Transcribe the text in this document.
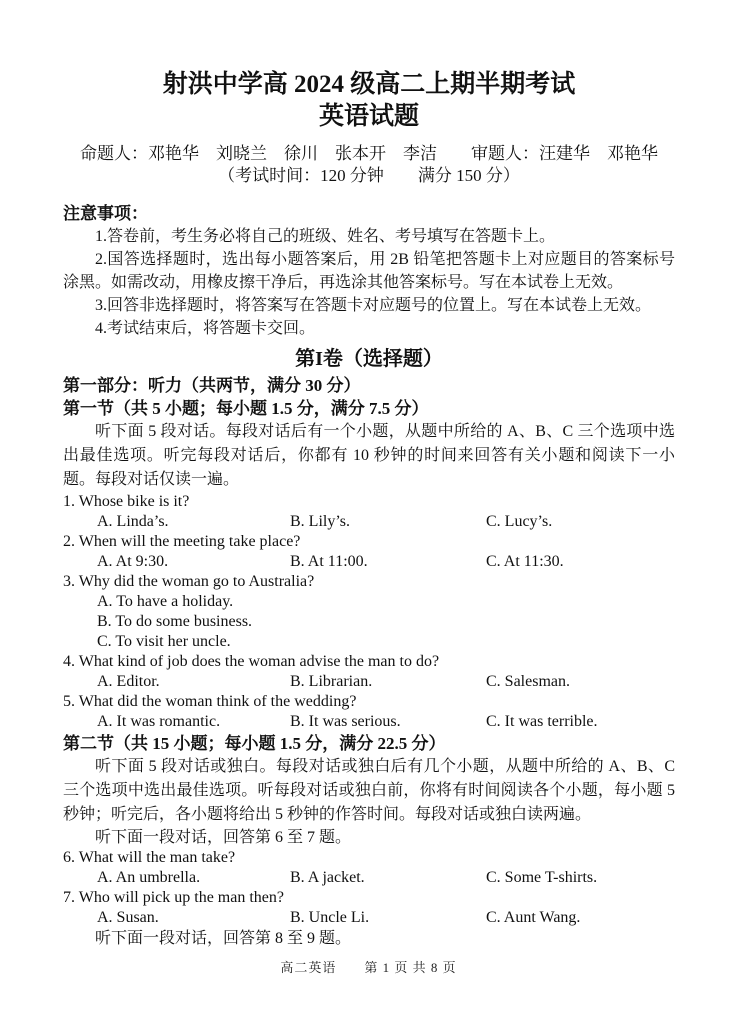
射洪中学高 2024 级高二上期半期考试
英语试题
命题人：邓艳华　刘晓兰　徐川　张本开　李洁　　审题人：汪建华　邓艳华
（考试时间：120 分钟　　满分 150 分）
注意事项：

1.答卷前，考生务必将自己的班级、姓名、考号填写在答题卡上。

2.国答选择题时，选出每小题答案后，用 2B 铅笔把答题卡上对应题目的答案标号涂黑。如需改动，用橡皮擦干净后，再选涂其他答案标号。写在本试卷上无效。

3.回答非选择题时，将答案写在答题卡对应题号的位置上。写在本试卷上无效。

4.考试结束后，将答题卡交回。

第I卷（选择题）
第一部分：听力（共两节，满分 30 分）
第一节（共 5 小题；每小题 1.5 分，满分 7.5 分）

听下面 5 段对话。每段对话后有一个小题，从题中所给的 A、B、C 三个选项中选出最佳选项。听完每段对话后，你都有 10 秒钟的时间来回答有关小题和阅读下一小题。每段对话仅读一遍。

1. Whose bike is it?
A. Linda’s.	B. Lily’s.	C. Lucy’s.
2. When will the meeting take place?
A. At 9:30.	B. At 11:00.	C. At 11:30.
3. Why did the woman go to Australia?
A. To have a holiday.
B. To do some business.
C. To visit her uncle.
4. What kind of job does the woman advise the man to do?
A. Editor.	B. Librarian.	C. Salesman.
5. What did the woman think of the wedding?
A. It was romantic.	B. It was serious.	C. It was terrible.
第二节（共 15 小题；每小题 1.5 分，满分 22.5 分）

听下面 5 段对话或独白。每段对话或独白后有几个小题，从题中所给的 A、B、C 三个选项中选出最佳选项。听每段对话或独白前，你将有时间阅读各个小题，每小题 5 秒钟；听完后，各小题将给出 5 秒钟的作答时间。每段对话或独白读两遍。

听下面一段对话，回答第 6 至 7 题。

6. What will the man take?
A. An umbrella.	B. A jacket.	C. Some T-shirts.
7. Who will pick up the man then?
A. Susan.	B. Uncle Li.	C. Aunt Wang.

听下面一段对话，回答第 8 至 9 题。

高二英语　　第 1 页 共 8 页
